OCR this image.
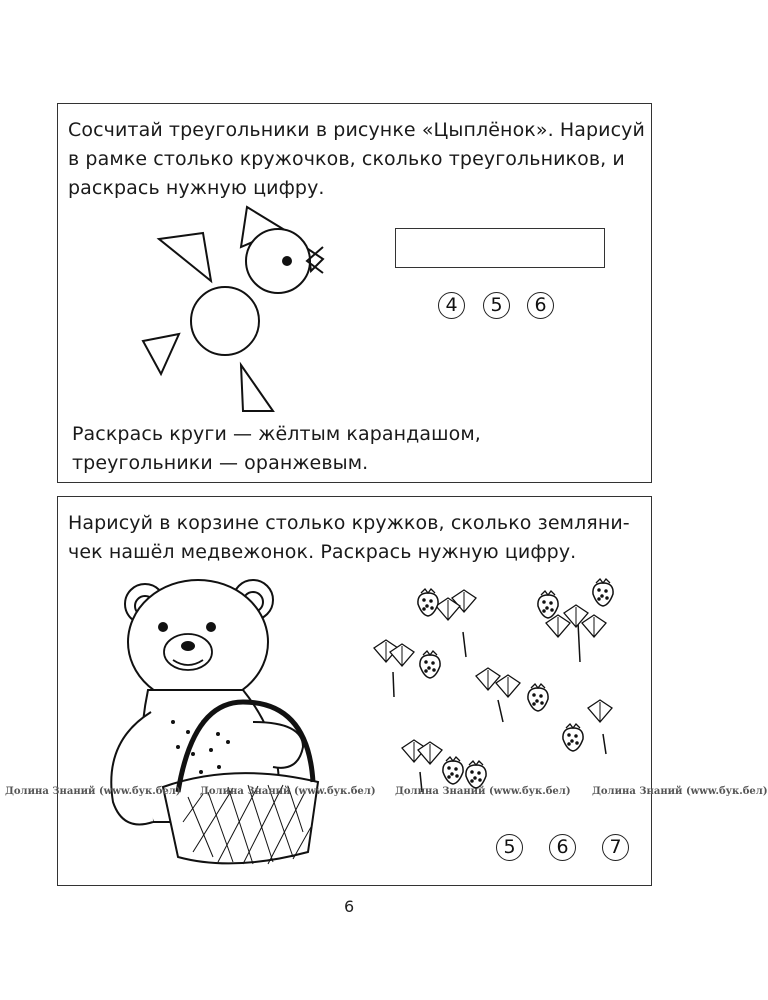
Сосчитай треугольники в рисунке «Цыплёнок». Нарисуй
в рамке столько кружочков, сколько треугольников, и
раскрась нужную цифру.

4	5	6

Раскрась круги — жёлтым карандашом,
треугольники — оранжевым.

Нарисуй в корзине столько кружков, сколько земляни-
чек нашёл медвежонок. Раскрась нужную цифру.

5	6	7
Долина Знаний (www.бук.бел) Долина Знаний (www.бук.бел) Долина Знаний (www.бук.бел) Долина Знаний (www.бук.бел)
6
